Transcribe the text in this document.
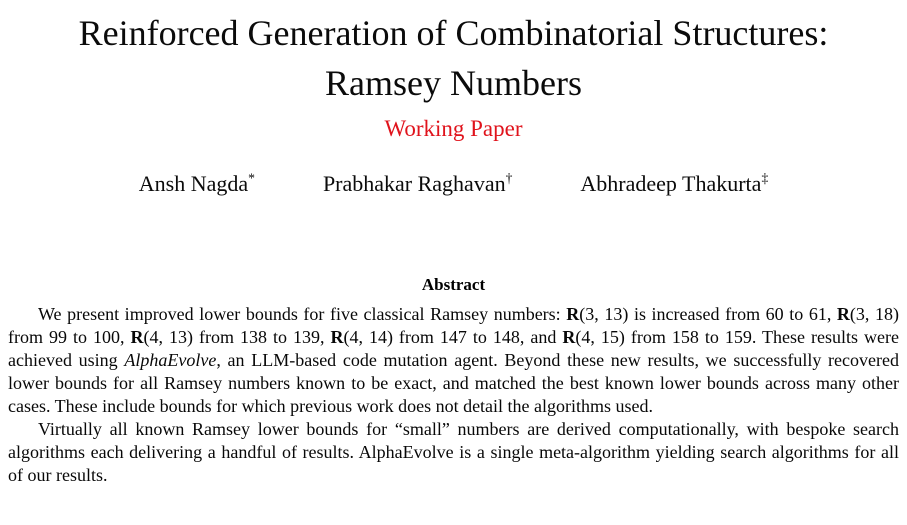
Reinforced Generation of Combinatorial Structures:
Ramsey Numbers
Working Paper
Ansh Nagda*	Prabhakar Raghavan†	Abhradeep Thakurta‡
Abstract

We present improved lower bounds for five classical Ramsey numbers: R(3, 13) is increased from 60 to 61, R(3, 18) from 99 to 100, R(4, 13) from 138 to 139, R(4, 14) from 147 to 148, and R(4, 15) from 158 to 159. These results were achieved using AlphaEvolve, an LLM-based code mutation agent. Beyond these new results, we successfully recovered lower bounds for all Ramsey numbers known to be exact, and matched the best known lower bounds across many other cases. These include bounds for which previous work does not detail the algorithms used.

Virtually all known Ramsey lower bounds for “small” numbers are derived computationally, with bespoke search algorithms each delivering a handful of results. AlphaEvolve is a single meta-algorithm yielding search algorithms for all of our results.
